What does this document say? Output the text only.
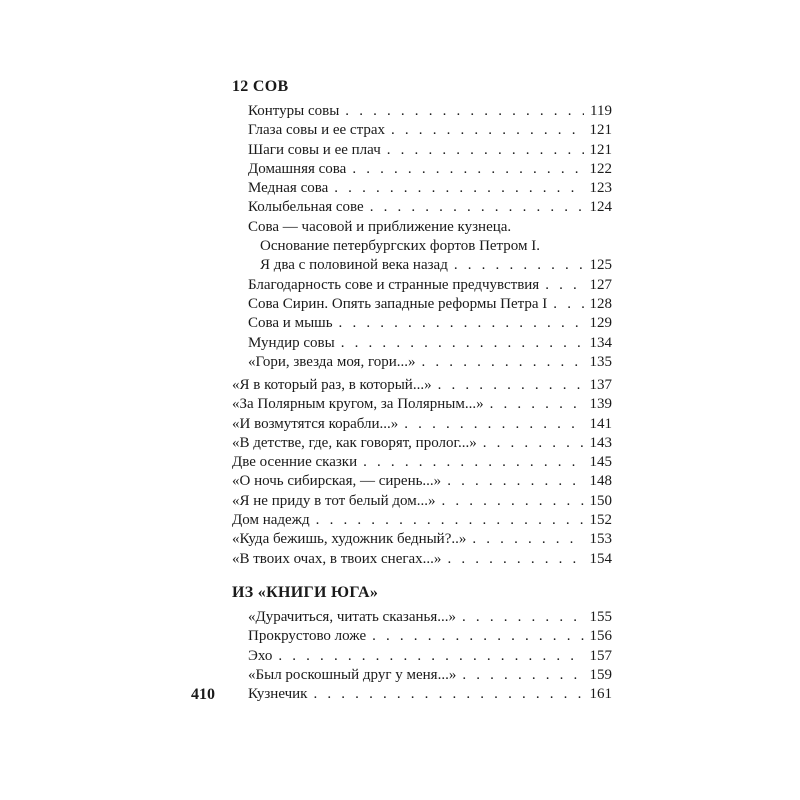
12 СОВ
Контуры совы . . .	119
Глаза совы и ее страх . . .	121
Шаги совы и ее плач . . .	121
Домашняя сова . . .	122
Медная сова . . .	123
Колыбельная сове . . .	124
Сова — часовой и приближение кузнеца.
Основание петербургских фортов Петром I.
Я два с половиной века назад . . .	125
Благодарность сове и странные предчувствия . . .	127
Сова Сирин. Опять западные реформы Петра I . . .	128
Сова и мышь . . .	129
Мундир совы . . .	134
«Гори, звезда моя, гори...» . . .	135
«Я в который раз, в который...» . . .	137
«За Полярным кругом, за Полярным...» . . .	139
«И возмутятся корабли...» . . .	141
«В детстве, где, как говорят, пролог...» . . .	143
Две осенние сказки . . .	145
«О ночь сибирская, — сирень...» . . .	148
«Я не приду в тот белый дом...» . . .	150
Дом надежд . . .	152
«Куда бежишь, художник бедный?..» . . .	153
«В твоих очах, в твоих снегах...» . . .	154
ИЗ «КНИГИ ЮГА»
«Дурачиться, читать сказанья...» . . .	155
Прокрустово ложе . . .	156
Эхо . . .	157
«Был роскошный друг у меня...» . . .	159
Кузнечик . . .	161
410
